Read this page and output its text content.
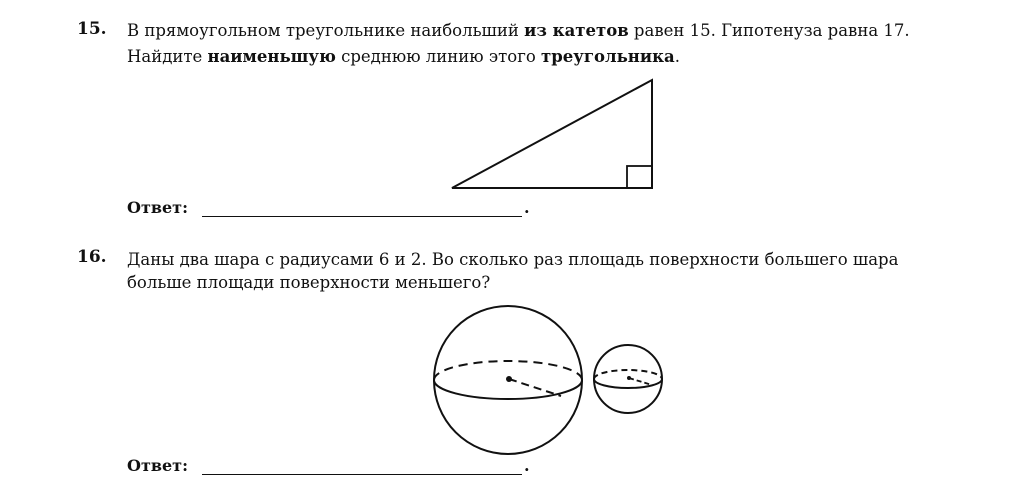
15. В прямоугольном треугольнике наибольший из катетов равен 15. Гипотенуза равна 17.
Найдите наименьшую среднюю линию этого треугольника.
Ответ:	.
16. Даны два шара с радиусами 6 и 2. Во сколько раз площадь поверхности большего шара
больше площади поверхности меньшего?
Ответ:	.
